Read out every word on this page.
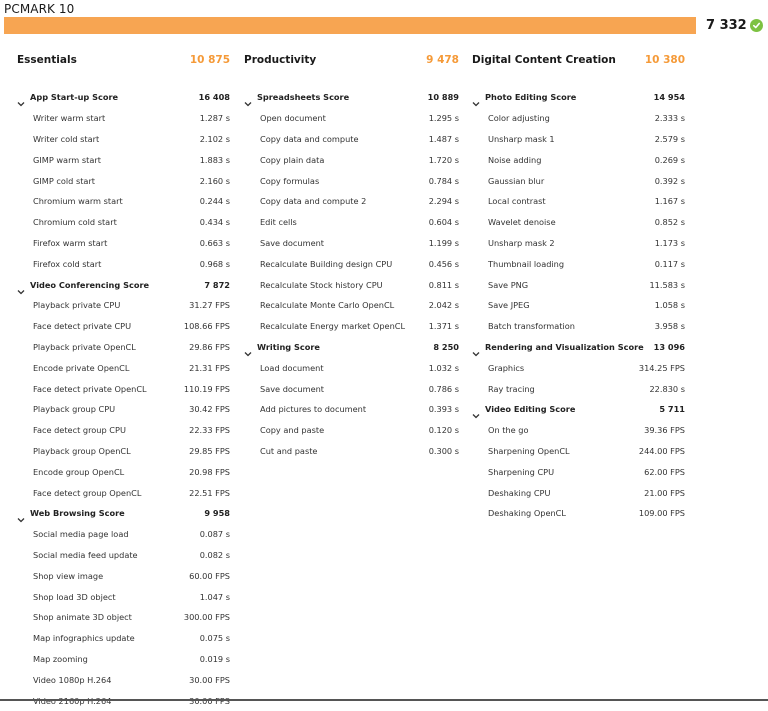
PCMARK 10
7 332
Essentials	10 875
App Start-up Score	16 408
Writer warm start	1.287 s
Writer cold start	2.102 s
GIMP warm start	1.883 s
GIMP cold start	2.160 s
Chromium warm start	0.244 s
Chromium cold start	0.434 s
Firefox warm start	0.663 s
Firefox cold start	0.968 s
Video Conferencing Score	7 872
Playback private CPU	31.27 FPS
Face detect private CPU	108.66 FPS
Playback private OpenCL	29.86 FPS
Encode private OpenCL	21.31 FPS
Face detect private OpenCL	110.19 FPS
Playback group CPU	30.42 FPS
Face detect group CPU	22.33 FPS
Playback group OpenCL	29.85 FPS
Encode group OpenCL	20.98 FPS
Face detect group OpenCL	22.51 FPS
Web Browsing Score	9 958
Social media page load	0.087 s
Social media feed update	0.082 s
Shop view image	60.00 FPS
Shop load 3D object	1.047 s
Shop animate 3D object	300.00 FPS
Map infographics update	0.075 s
Map zooming	0.019 s
Video 1080p H.264	30.00 FPS
Productivity	9 478
Spreadsheets Score	10 889
Open document	1.295 s
Copy data and compute	1.487 s
Copy plain data	1.720 s
Copy formulas	0.784 s
Copy data and compute 2	2.294 s
Edit cells	0.604 s
Save document	1.199 s
Recalculate Building design CPU	0.456 s
Recalculate Stock history CPU	0.811 s
Recalculate Monte Carlo OpenCL	2.042 s
Recalculate Energy market OpenCL	1.371 s
Writing Score	8 250
Load document	1.032 s
Save document	0.786 s
Add pictures to document	0.393 s
Copy and paste	0.120 s
Cut and paste	0.300 s
Digital Content Creation	10 380
Photo Editing Score	14 954
Color adjusting	2.333 s
Unsharp mask 1	2.579 s
Noise adding	0.269 s
Gaussian blur	0.392 s
Local contrast	1.167 s
Wavelet denoise	0.852 s
Unsharp mask 2	1.173 s
Thumbnail loading	0.117 s
Save PNG	11.583 s
Save JPEG	1.058 s
Batch transformation	3.958 s
Rendering and Visualization Score 13 096
Graphics	314.25 FPS
Ray tracing	22.830 s
Video Editing Score	5 711
On the go	39.36 FPS
Sharpening OpenCL	244.00 FPS
Sharpening CPU	62.00 FPS
Deshaking CPU	21.00 FPS
Deshaking OpenCL	109.00 FPS
